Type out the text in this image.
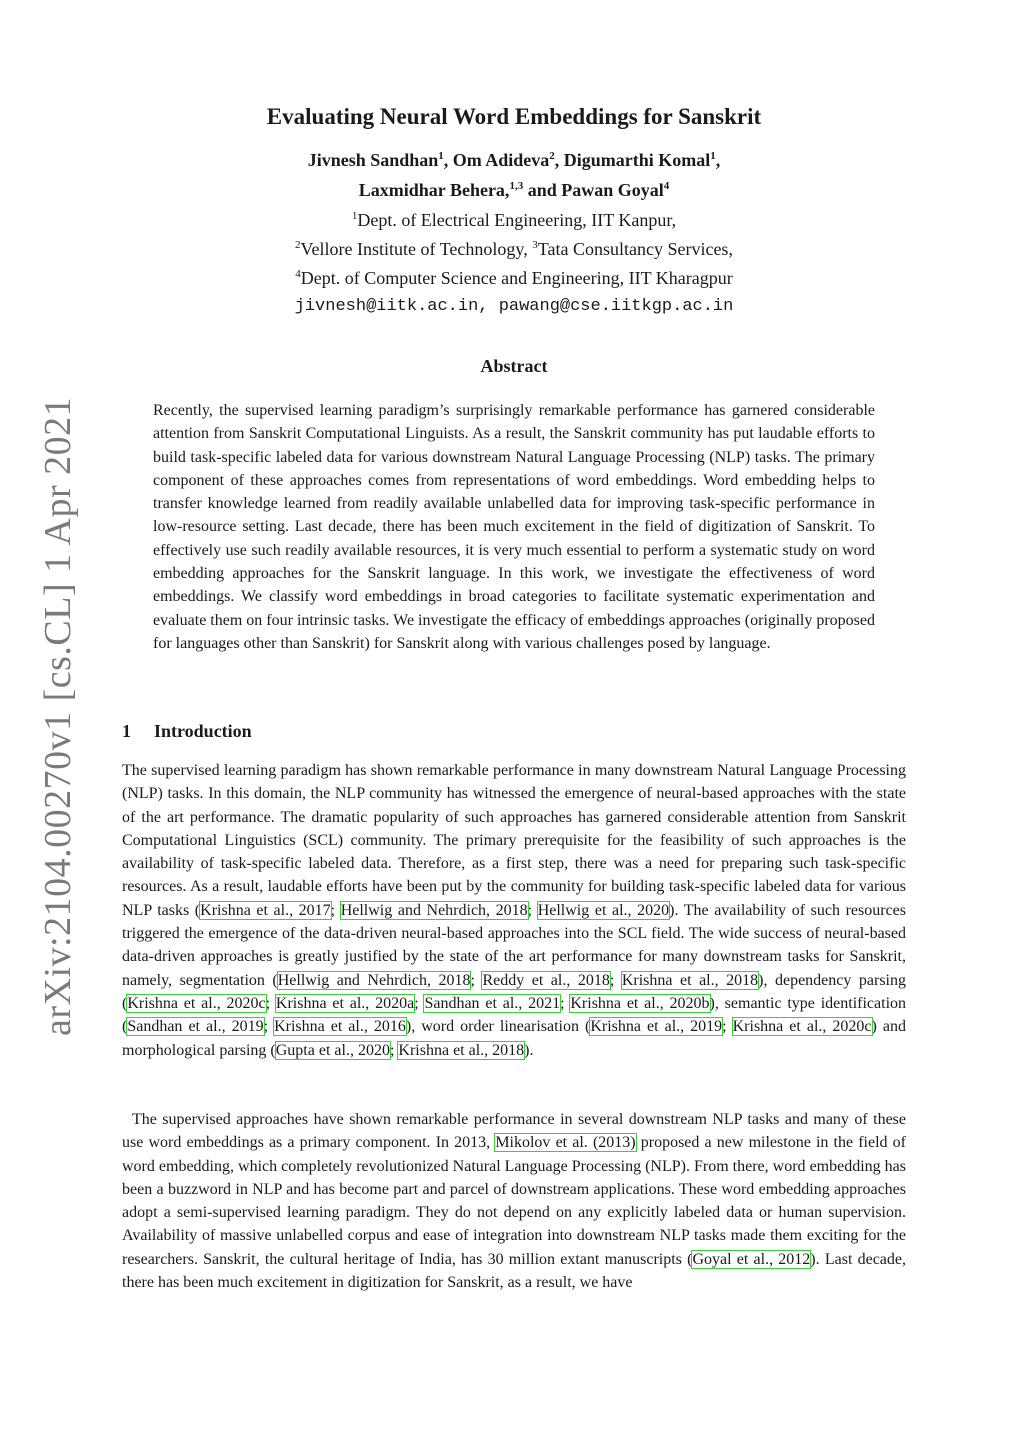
arXiv:2104.00270v1 [cs.CL] 1 Apr 2021
Evaluating Neural Word Embeddings for Sanskrit
Jivnesh Sandhan$^1$, Om Adideva$^2$, Digumarthi Komal$^1$,
Laxmidhar Behera,$^{1,3}$ and Pawan Goyal$^4$
$^1$Dept. of Electrical Engineering, IIT Kanpur,
$^2$Vellore Institute of Technology, $^3$Tata Consultancy Services,
$^4$Dept. of Computer Science and Engineering, IIT Kharagpur
jivnesh@iitk.ac.in, pawang@cse.iitkgp.ac.in
Abstract

Recently, the supervised learning paradigm’s surprisingly remarkable performance has garnered considerable attention from Sanskrit Computational Linguists. As a result, the Sanskrit community has put laudable efforts to build task-specific labeled data for various downstream Natural Language Processing (NLP) tasks. The primary component of these approaches comes from representations of word embeddings. Word embedding helps to transfer knowledge learned from readily available unlabelled data for improving task-specific performance in low-resource setting. Last decade, there has been much excitement in the field of digitization of Sanskrit. To effectively use such readily available resources, it is very much essential to perform a systematic study on word embedding approaches for the Sanskrit language. In this work, we investigate the effectiveness of word embeddings. We classify word embeddings in broad categories to facilitate systematic experimentation and evaluate them on four intrinsic tasks. We investigate the efficacy of embeddings approaches (originally proposed for languages other than Sanskrit) for Sanskrit along with various challenges posed by language.

1 Introduction

The supervised learning paradigm has shown remarkable performance in many downstream Natural Language Processing (NLP) tasks. In this domain, the NLP community has witnessed the emergence of neural-based approaches with the state of the art performance. The dramatic popularity of such approaches has garnered considerable attention from Sanskrit Computational Linguistics (SCL) community. The primary prerequisite for the feasibility of such approaches is the availability of task-specific labeled data. Therefore, as a first step, there was a need for preparing such task-specific resources. As a result, laudable efforts have been put by the community for building task-specific labeled data for various NLP tasks (Krishna et al., 2017; Hellwig and Nehrdich, 2018; Hellwig et al., 2020). The availability of such resources triggered the emergence of the data-driven neural-based approaches into the SCL field. The wide success of neural-based data-driven approaches is greatly justified by the state of the art performance for many downstream tasks for Sanskrit, namely, segmentation (Hellwig and Nehrdich, 2018; Reddy et al., 2018; Krishna et al., 2018), dependency parsing (Krishna et al., 2020c; Krishna et al., 2020a; Sandhan et al., 2021; Krishna et al., 2020b), semantic type identification (Sandhan et al., 2019; Krishna et al., 2016), word order linearisation (Krishna et al., 2019; Krishna et al., 2020c) and morphological parsing (Gupta et al., 2020; Krishna et al., 2018).

The supervised approaches have shown remarkable performance in several downstream NLP tasks and many of these use word embeddings as a primary component. In 2013, Mikolov et al. (2013) proposed a new milestone in the field of word embedding, which completely revolutionized Natural Language Processing (NLP). From there, word embedding has been a buzzword in NLP and has become part and parcel of downstream applications. These word embedding approaches adopt a semi-supervised learning paradigm. They do not depend on any explicitly labeled data or human supervision. Availability of massive unlabelled corpus and ease of integration into downstream NLP tasks made them exciting for the researchers. Sanskrit, the cultural heritage of India, has 30 million extant manuscripts (Goyal et al., 2012). Last decade, there has been much excitement in digitization for Sanskrit, as a result, we have
